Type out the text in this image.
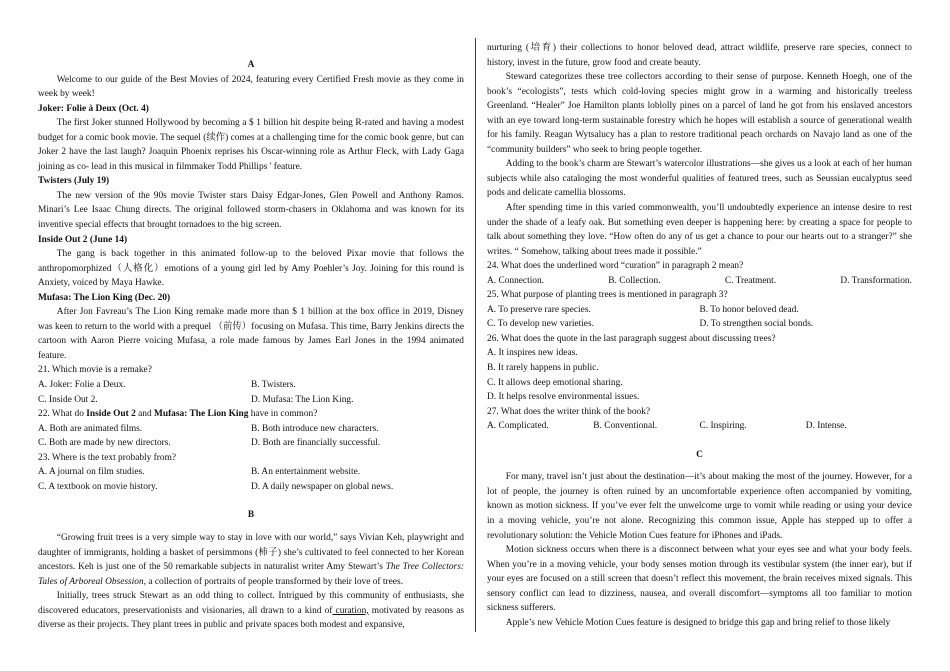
A

Welcome to our guide of the Best Movies of 2024, featuring every Certified Fresh movie as they come in week by week!

Joker: Folie à Deux (Oct. 4)

The first Joker stunned Hollywood by becoming a $ 1 billion hit despite being R-rated and having a modest budget for a comic book movie. The sequel (续作) comes at a challenging time for the comic book genre, but can Joker 2 have the last laugh? Joaquin Phoenix reprises his Oscar-winning role as Arthur Fleck, with Lady Gaga joining as co- lead in this musical in filmmaker Todd Phillips ' feature.

Twisters (July 19)

The new version of the 90s movie Twister stars Daisy Edgar-Jones, Glen Powell and Anthony Ramos. Minari’s Lee Isaac Chung directs. The original followed storm-chasers in Oklahoma and was known for its inventive special effects that brought tornadoes to the big screen.

Inside Out 2 (June 14)

The gang is back together in this animated follow-up to the beloved Pixar movie that follows the anthropomorphized（人格化）emotions of a young girl led by Amy Poehler’s Joy. Joining for this round is Anxiety, voiced by Maya Hawke.

Mufasa: The Lion King (Dec. 20)

After Jon Favreau’s The Lion King remake made more than $ 1 billion at the box office in 2019, Disney was keen to return to the world with a prequel （前传）focusing on Mufasa. This time, Barry Jenkins directs the cartoon with Aaron Pierre voicing Mufasa, a role made famous by James Earl Jones in the 1994 animated feature.

21. Which movie is a remake?

A. Joker: Folie a Deux.	B. Twisters.
C. Inside Out 2.	D. Mufasa: The Lion King.

22. What do Inside Out 2 and Mufasa: The Lion King have in common?

A. Both are animated films.	B. Both introduce new characters.
C. Both are made by new directors.	D. Both are financially successful.

23. Where is the text probably from?

A. A journal on film studies.	B. An entertainment website.
C. A textbook on movie history.	D. A daily newspaper on global news.

B

“Growing fruit trees is a very simple way to stay in love with our world,” says Vivian Keh, playwright and daughter of immigrants, holding a basket of persimmons (柿子) she’s cultivated to feel connected to her Korean ancestors. Keh is just one of the 50 remarkable subjects in naturalist writer Amy Stewart’s The Tree Collectors: Tales of Arboreal Obsession, a collection of portraits of people transformed by their love of trees.

Initially, trees struck Stewart as an odd thing to collect. Intrigued by this community of enthusiasts, she discovered educators, preservationists and visionaries, all drawn to a kind of curation, motivated by reasons as diverse as their projects. They plant trees in public and private spaces both modest and expansive,

nurturing (培育) their collections to honor beloved dead, attract wildlife, preserve rare species, connect to history, invest in the future, grow food and create beauty.

Steward categorizes these tree collectors according to their sense of purpose. Kenneth Hoegh, one of the book’s “ecologists”, tests which cold-loving species might grow in a warming and historically treeless Greenland. “Healer” Joe Hamilton plants loblolly pines on a parcel of land he got from his enslaved ancestors with an eye toward long-term sustainable forestry which he hopes will establish a source of generational wealth for his family. Reagan Wytsalucy has a plan to restore traditional peach orchards on Navajo land as one of the “community builders” who seek to bring people together.

Adding to the book’s charm are Stewart’s watercolor illustrations—she gives us a look at each of her human subjects while also cataloging the most wonderful qualities of featured trees, such as Seussian eucalyptus seed pods and delicate camellia blossoms.

After spending time in this varied commonwealth, you’ll undoubtedly experience an intense desire to rest under the shade of a leafy oak. But something even deeper is happening here: by creating a space for people to talk about something they love. “How often do any of us get a chance to pour our hearts out to a stranger?” she writes. “ Somehow, talking about trees made it possible.”

24. What does the underlined word “curation” in paragraph 2 mean?

A. Connection.	B. Collection.	C. Treatment.	D. Transformation.

25. What purpose of planting trees is mentioned in paragraph 3?

A. To preserve rare species.	B. To honor beloved dead.
C. To develop new varieties.	D. To strengthen social bonds.

26. What does the quote in the last paragraph suggest about discussing trees?

A. It inspires new ideas.

B. It rarely happens in public.

C. It allows deep emotional sharing.

D. It helps resolve environmental issues.

27. What does the writer think of the book?

A. Complicated.	B. Conventional.	C. Inspiring.	D. Intense.

C

For many, travel isn’t just about the destination—it’s about making the most of the journey. However, for a lot of people, the journey is often ruined by an uncomfortable experience often accompanied by vomiting, known as motion sickness. If you’ve ever felt the unwelcome urge to vomit while reading or using your device in a moving vehicle, you’re not alone. Recognizing this common issue, Apple has stepped up to offer a revolutionary solution: the Vehicle Motion Cues feature for iPhones and iPads.

Motion sickness occurs when there is a disconnect between what your eyes see and what your body feels. When you’re in a moving vehicle, your body senses motion through its vestibular system (the inner ear), but if your eyes are focused on a still screen that doesn’t reflect this movement, the brain receives mixed signals. This sensory conflict can lead to dizziness, nausea, and overall discomfort—symptoms all too familiar to motion sickness sufferers.

Apple’s new Vehicle Motion Cues feature is designed to bridge this gap and bring relief to those likely
